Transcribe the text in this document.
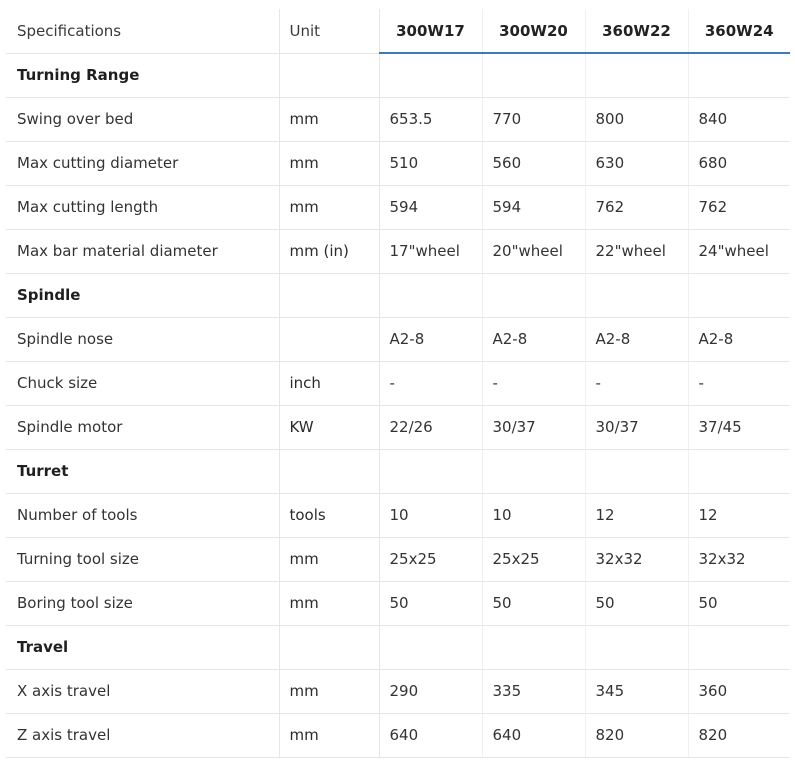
Specifications	Unit	300W17	300W20	360W22	360W24
Turning Range					
Swing over bed	mm	653.5	770	800	840
Max cutting diameter	mm	510	560	630	680
Max cutting length	mm	594	594	762	762
Max bar material diameter	mm (in)	17"wheel	20"wheel	22"wheel	24"wheel
Spindle					
Spindle nose		A2-8	A2-8	A2-8	A2-8
Chuck size	inch	-	-	-	-
Spindle motor	KW	22/26	30/37	30/37	37/45
Turret					
Number of tools	tools	10	10	12	12
Turning tool size	mm	25x25	25x25	32x32	32x32
Boring tool size	mm	50	50	50	50
Travel					
X axis travel	mm	290	335	345	360
Z axis travel	mm	640	640	820	820
